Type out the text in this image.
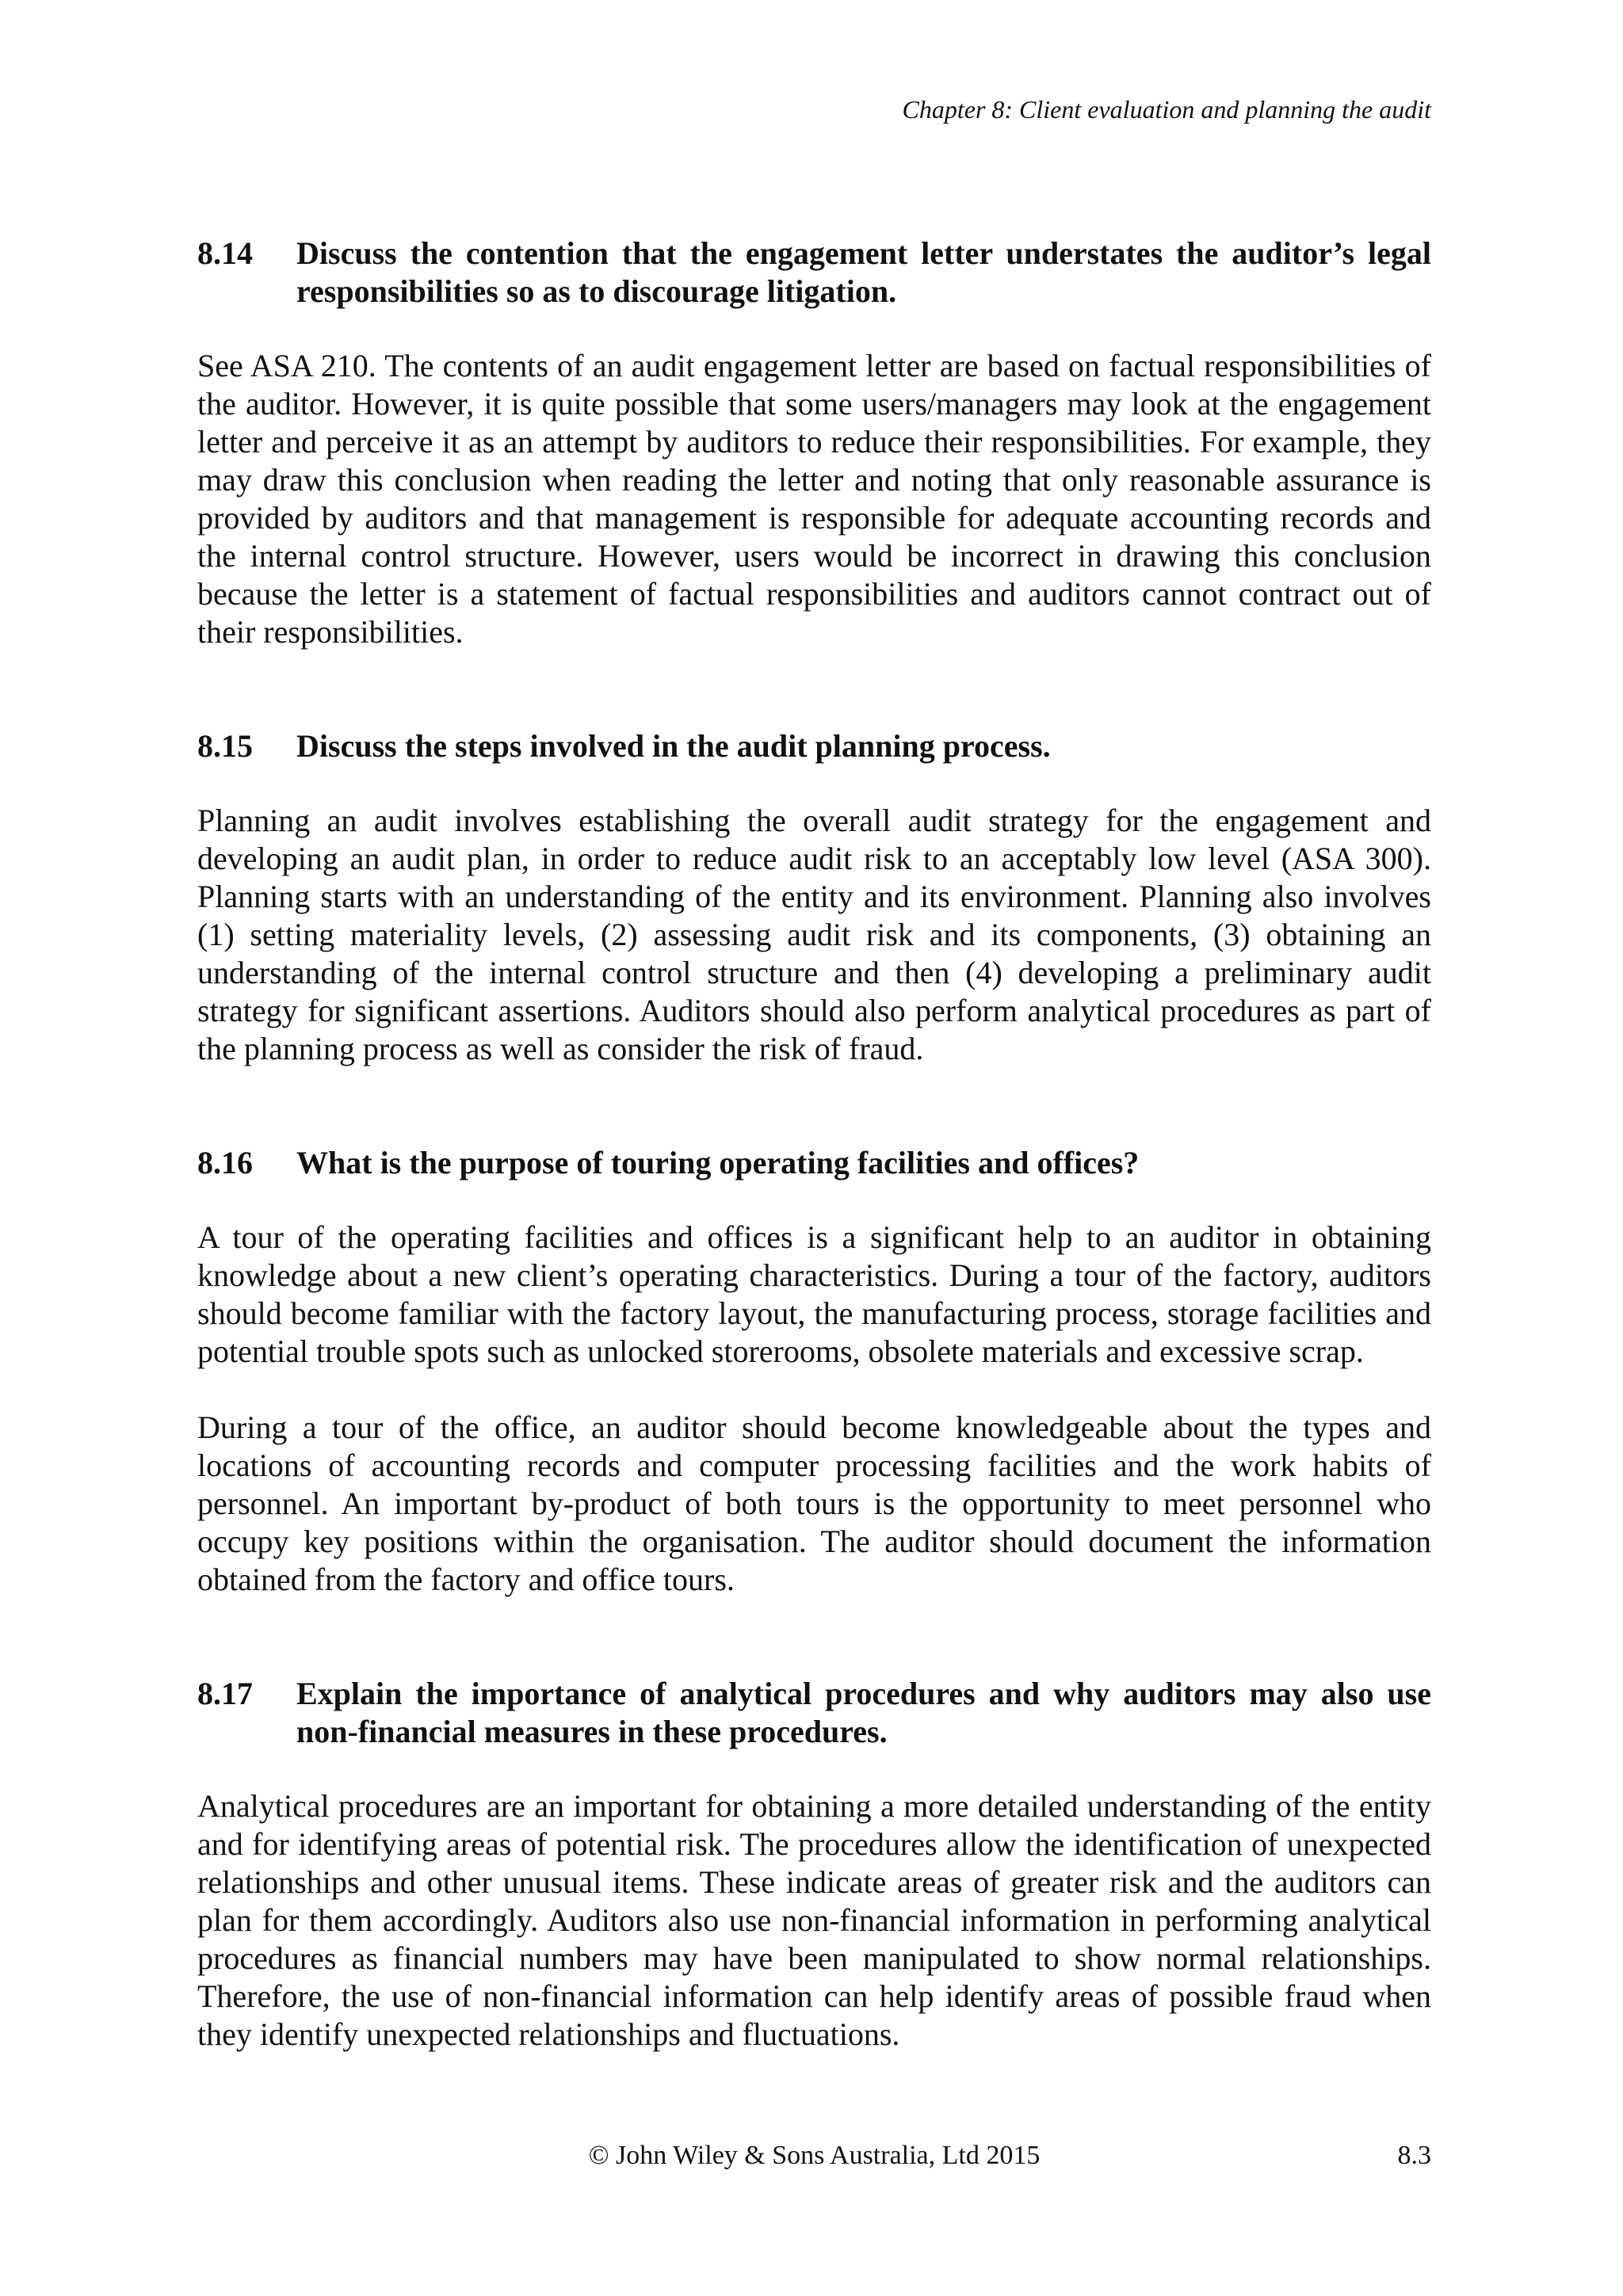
Chapter 8: Client evaluation and planning the audit
8.14	Discuss the contention that the engagement letter understates the auditor’s legal responsibilities so as to discourage litigation.

See ASA 210. The contents of an audit engagement letter are based on factual responsibilities of the auditor. However, it is quite possible that some users/managers may look at the engagement letter and perceive it as an attempt by auditors to reduce their responsibilities. For example, they may draw this conclusion when reading the letter and noting that only reasonable assurance is provided by auditors and that management is responsible for adequate accounting records and the internal control structure. However, users would be incorrect in drawing this conclusion because the letter is a statement of factual responsibilities and auditors cannot contract out of their responsibilities.

8.15	Discuss the steps involved in the audit planning process.

Planning an audit involves establishing the overall audit strategy for the engagement and developing an audit plan, in order to reduce audit risk to an acceptably low level (ASA 300). Planning starts with an understanding of the entity and its environment. Planning also involves (1) setting materiality levels, (2) assessing audit risk and its components, (3) obtaining an understanding of the internal control structure and then (4) developing a preliminary audit strategy for significant assertions. Auditors should also perform analytical procedures as part of the planning process as well as consider the risk of fraud.

8.16	What is the purpose of touring operating facilities and offices?

A tour of the operating facilities and offices is a significant help to an auditor in obtaining knowledge about a new client’s operating characteristics. During a tour of the factory, auditors should become familiar with the factory layout, the manufacturing process, storage facilities and potential trouble spots such as unlocked storerooms, obsolete materials and excessive scrap.

During a tour of the office, an auditor should become knowledgeable about the types and locations of accounting records and computer processing facilities and the work habits of personnel. An important by-product of both tours is the opportunity to meet personnel who occupy key positions within the organisation. The auditor should document the information obtained from the factory and office tours.

8.17	Explain the importance of analytical procedures and why auditors may also use non-financial measures in these procedures.

Analytical procedures are an important for obtaining a more detailed understanding of the entity and for identifying areas of potential risk. The procedures allow the identification of unexpected relationships and other unusual items. These indicate areas of greater risk and the auditors can plan for them accordingly. Auditors also use non-financial information in performing analytical procedures as financial numbers may have been manipulated to show normal relationships. Therefore, the use of non-financial information can help identify areas of possible fraud when they identify unexpected relationships and fluctuations.

© John Wiley & Sons Australia, Ltd 2015	8.3
